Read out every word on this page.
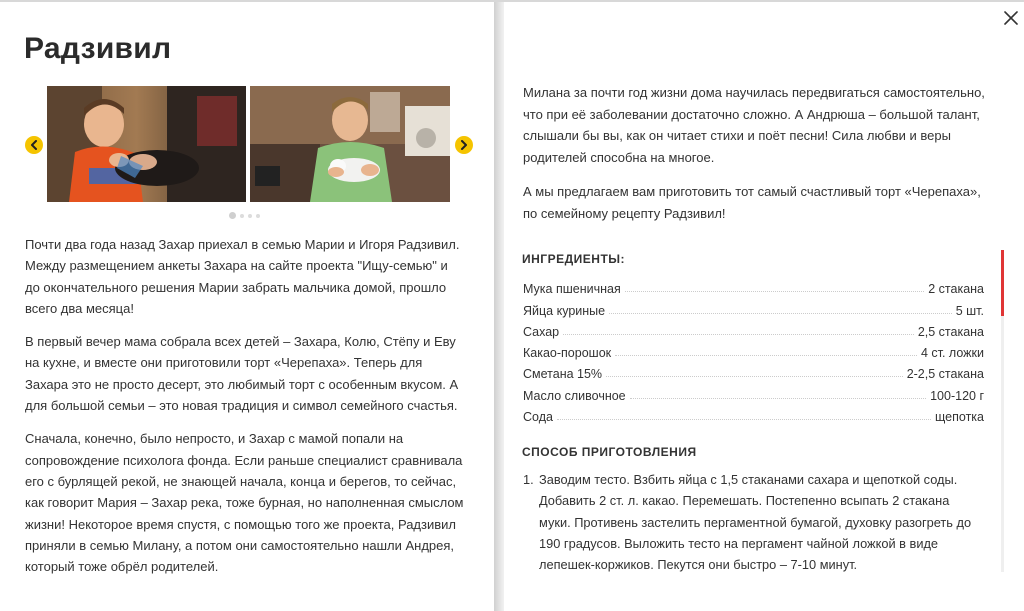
Радзивил

Почти два года назад Захар приехал в семью Марии и Игоря Радзивил. Между размещением анкеты Захара на сайте проекта "Ищу-семью" и до окончательного решения Марии забрать мальчика домой, прошло всего два месяца!

В первый вечер мама собрала всех детей – Захара, Колю, Стёпу и Еву на кухне, и вместе они приготовили торт «Черепаха». Теперь для Захара это не просто десерт, это любимый торт с особенным вкусом. А для большой семьи – это новая традиция и символ семейного счастья.

Сначала, конечно, было непросто, и Захар с мамой попали на сопровождение психолога фонда. Если раньше специалист сравнивала его с бурлящей рекой, не знающей начала, конца и берегов, то сейчас, как говорит Мария – Захар река, тоже бурная, но наполненная смыслом жизни! Некоторое время спустя, с помощью того же проекта, Радзивил приняли в семью Милану, а потом они самостоятельно нашли Андрея, который тоже обрёл родителей.

Милана за почти год жизни дома научилась передвигаться самостоятельно, что при её заболевании достаточно сложно. А Андрюша – большой талант, слышали бы вы, как он читает стихи и поёт песни! Сила любви и веры родителей способна на многое.

А мы предлагаем вам приготовить тот самый счастливый торт «Черепаха», по семейному рецепту Радзивил!

ИНГРЕДИЕНТЫ:
Мука пшеничная	2 стакана
Яйца куриные	5 шт.
Сахар	2,5 стакана
Какао-порошок	4 ст. ложки
Сметана 15%	2-2,5 стакана
Масло сливочное	100-120 г
Сода	щепотка
СПОСОБ ПРИГОТОВЛЕНИЯ
1. Заводим тесто. Взбить яйца с 1,5 стаканами сахара и щепоткой соды. Добавить 2 ст. л. какао. Перемешать. Постепенно всыпать 2 стакана муки. Противень застелить пергаментной бумагой, духовку разогреть до 190 градусов. Выложить тесто на пергамент чайной ложкой в виде лепешек-коржиков. Пекутся они быстро – 7-10 минут.
